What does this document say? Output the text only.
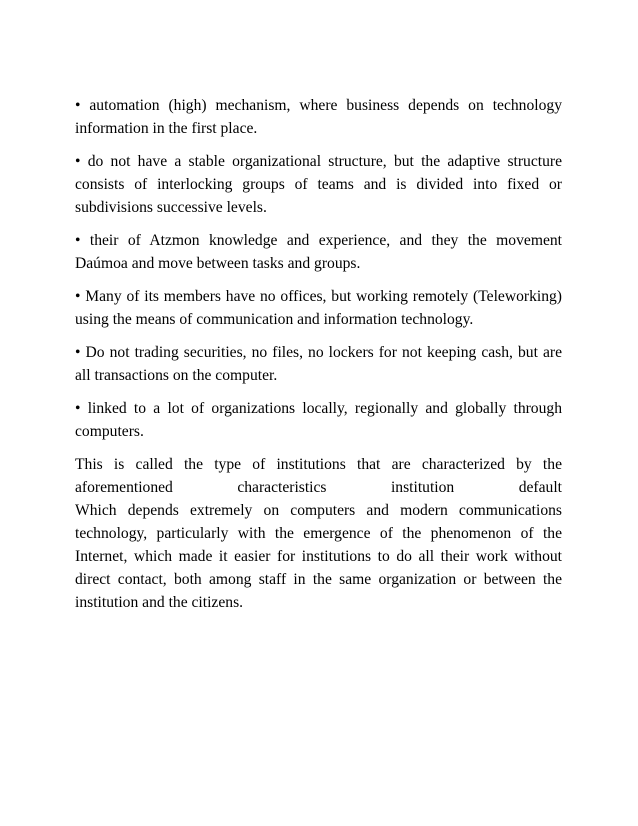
• automation (high) mechanism, where business depends on technology information in the first place.

• do not have a stable organizational structure, but the adaptive structure consists of interlocking groups of teams and is divided into fixed or subdivisions successive levels.

• their of Atzmon knowledge and experience, and they the movement Daúmoa and move between tasks and groups.

• Many of its members have no offices, but working remotely (Teleworking) using the means of communication and information technology.

• Do not trading securities, no files, no lockers for not keeping cash, but are all transactions on the computer.

• linked to a lot of organizations locally, regionally and globally through computers.

This is called the type of institutions that are characterized by the aforementioned characteristics institution default

Which depends extremely on computers and modern communications technology, particularly with the emergence of the phenomenon of the Internet, which made it easier for institutions to do all their work without direct contact, both among staff in the same organization or between the institution and the citizens.
